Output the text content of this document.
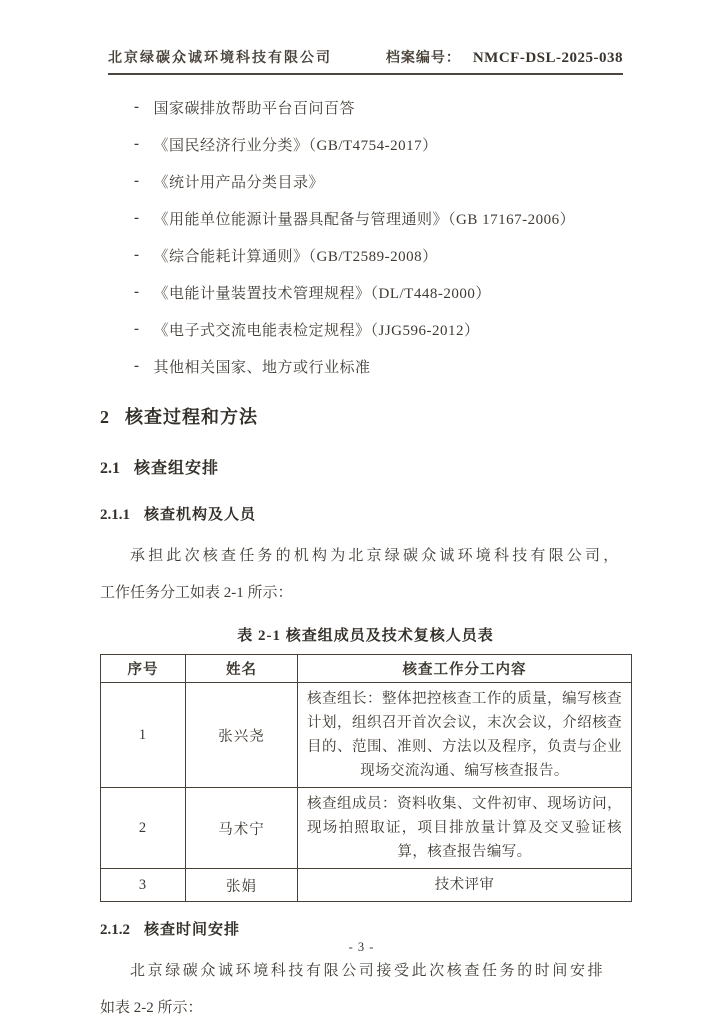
北京绿碳众诚环境科技有限公司	档案编号： NMCF-DSL-2025-038
- 国家碳排放帮助平台百问百答
- 《国民经济行业分类》（GB/T4754-2017）
- 《统计用产品分类目录》
- 《用能单位能源计量器具配备与管理通则》（GB 17167-2006）
- 《综合能耗计算通则》（GB/T2589-2008）
- 《电能计量装置技术管理规程》（DL/T448-2000）
- 《电子式交流电能表检定规程》（JJG596-2012）
- 其他相关国家、地方或行业标准
2 核查过程和方法
2.1 核查组安排
2.1.1 核查机构及人员
承担此次核查任务的机构为北京绿碳众诚环境科技有限公司，
工作任务分工如表 2-1 所示：
表 2-1 核查组成员及技术复核人员表
序号	姓名	核查工作分工内容
1	张兴尧	核查组长：整体把控核查工作的质量，编写核查计划，组织召开首次会议，末次会议，介绍核查目的、范围、准则、方法以及程序，负责与企业现场交流沟通、编写核查报告。
2	马术宁	核查组成员：资料收集、文件初审、现场访问，现场拍照取证，项目排放量计算及交叉验证核算，核查报告编写。
3	张娟	技术评审
2.1.2 核查时间安排
北京绿碳众诚环境科技有限公司接受此次核查任务的时间安排
如表 2-2 所示：
- 3 -
